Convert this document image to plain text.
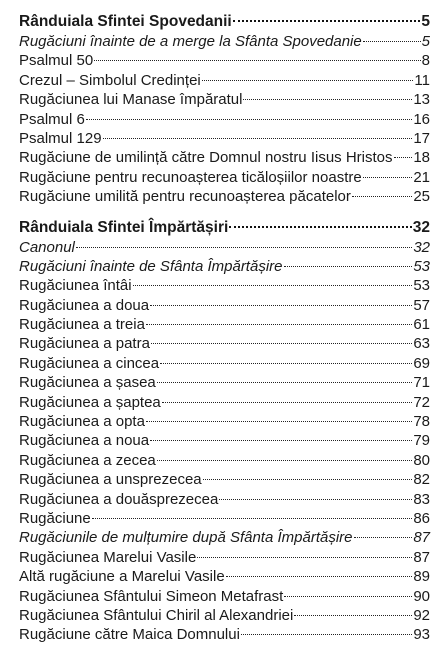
Rânduiala Sfintei Spovedanii	5
Rugăciuni înainte de a merge la Sfânta Spovedanie	5
Psalmul 50	8
Crezul – Simbolul Credinței	11
Rugăciunea lui Manase împăratul	13
Psalmul 6	16
Psalmul 129	17
Rugăciune de umilință către Domnul nostru Iisus Hristos 18
Rugăciune pentru recunoașterea ticăloșiilor noastre	21
Rugăciune umilită pentru recunoașterea păcatelor	25
Rânduiala Sfintei Împărtășiri	32
Canonul	32
Rugăciuni înainte de Sfânta Împărtășire	53
Rugăciunea întâi	53
Rugăciunea a doua	57
Rugăciunea a treia	61
Rugăciunea a patra	63
Rugăciunea a cincea	69
Rugăciunea a șasea	71
Rugăciunea a șaptea	72
Rugăciunea a opta	78
Rugăciunea a noua	79
Rugăciunea a zecea	80
Rugăciunea a unsprezecea	82
Rugăciunea a douăsprezecea	83
Rugăciune	86
Rugăciunile de mulțumire după Sfânta Împărtășire	87
Rugăciunea Marelui Vasile	87
Altă rugăciune a Marelui Vasile	89
Rugăciunea Sfântului Simeon Metafrast	90
Rugăciunea Sfântului Chiril al Alexandriei	92
Rugăciune către Maica Domnului	93
